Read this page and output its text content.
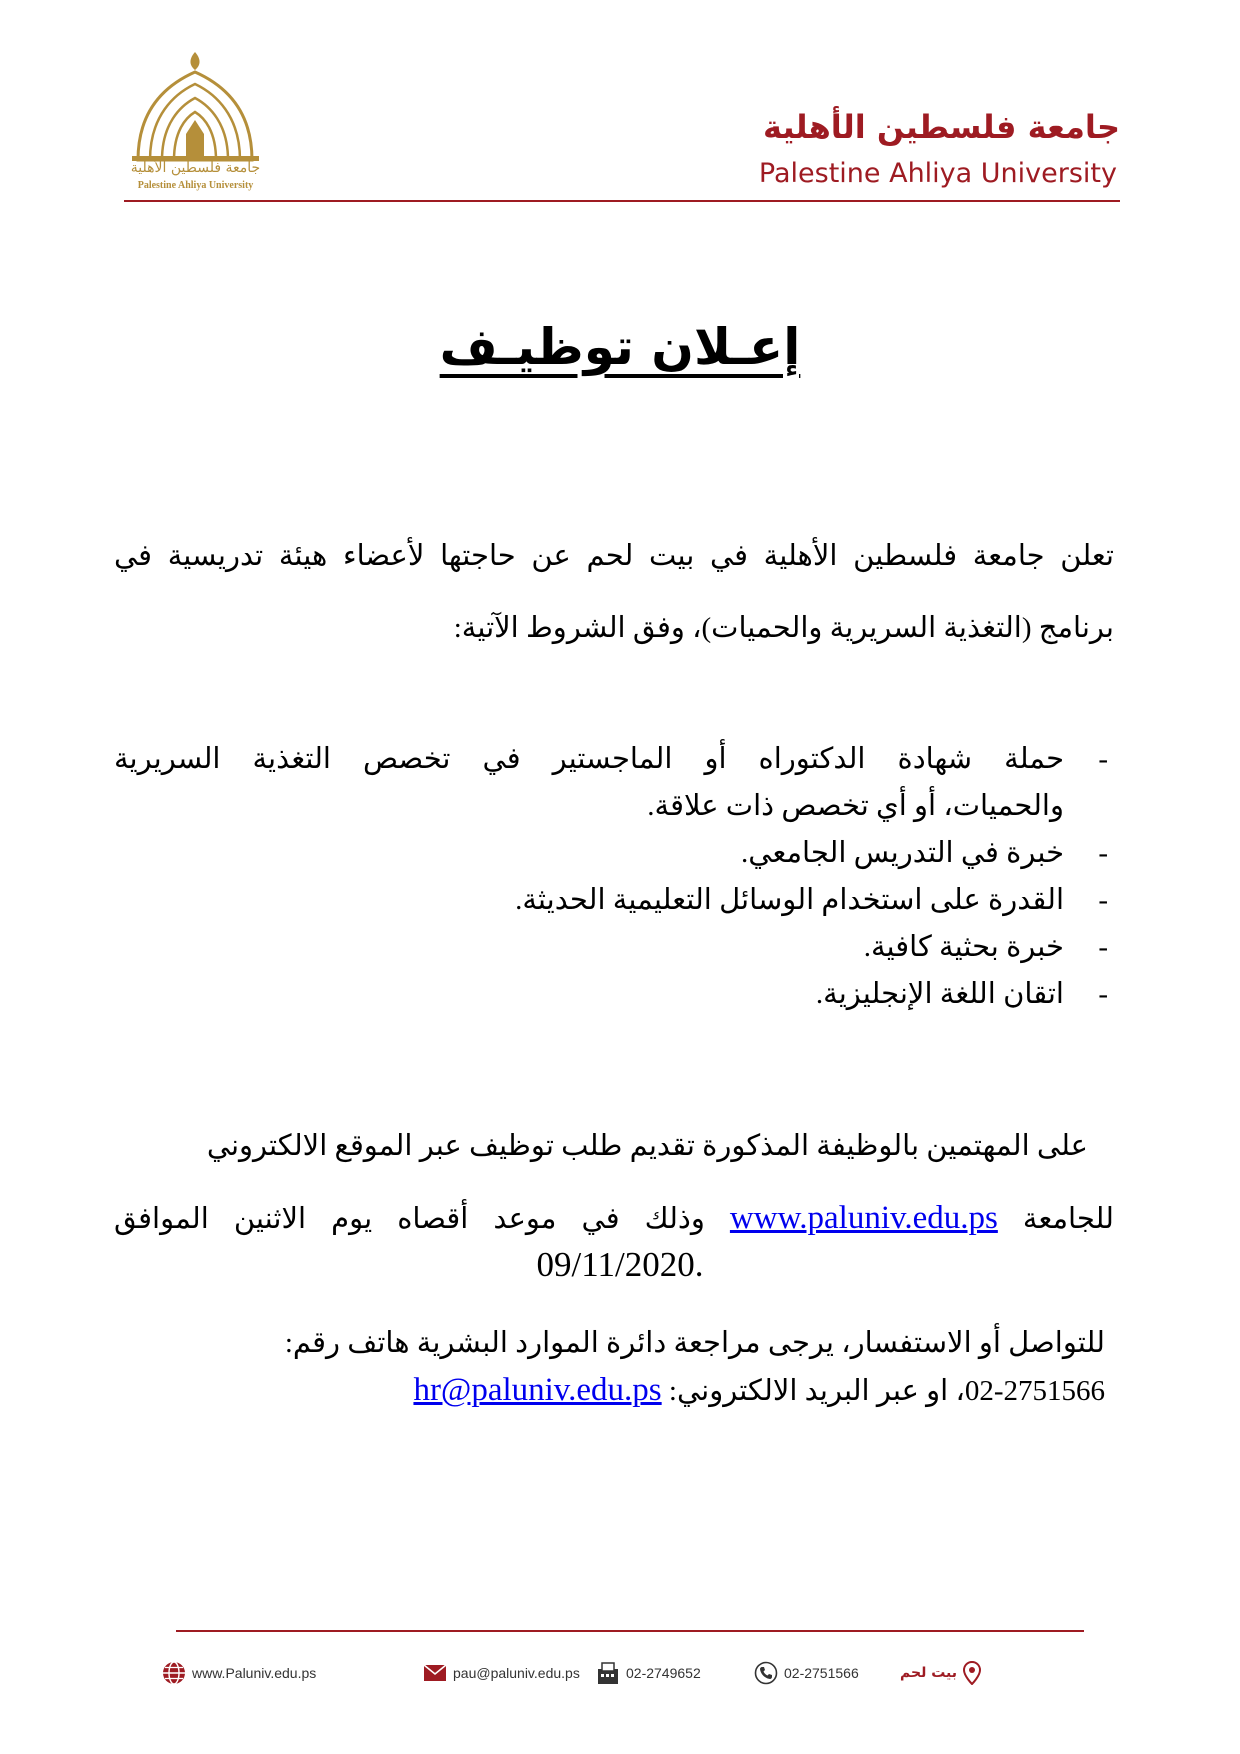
جامعة فلسطين الأهلية
Palestine Ahliya University
جامعة فلسطين الأهلية
Palestine Ahliya University
إعـلان توظيـف
تعلن جامعة فلسطين الأهلية في بيت لحم عن حاجتها لأعضاء هيئة تدريسية في
برنامج (التغذية السريرية والحميات)، وفق الشروط الآتية:
-
حملة شهادة الدكتوراه أو الماجستير في تخصص التغذية السريرية
والحميات، أو أي تخصص ذات علاقة.
-
خبرة في التدريس الجامعي.
-
القدرة على استخدام الوسائل التعليمية الحديثة.
-
خبرة بحثية كافية.
-
اتقان اللغة الإنجليزية.
على المهتمين بالوظيفة المذكورة تقديم طلب توظيف عبر الموقع الالكتروني
للجامعة www.paluniv.edu.ps وذلك في موعد أقصاه يوم الاثنين الموافق
09/11/2020.
للتواصل أو الاستفسار، يرجى مراجعة دائرة الموارد البشرية هاتف رقم:
02-2751566، او عبر البريد الالكتروني: hr@paluniv.edu.ps
www.Paluniv.edu.ps	pau@paluniv.edu.ps	02-2749652	02-2751566	بيت لحم
